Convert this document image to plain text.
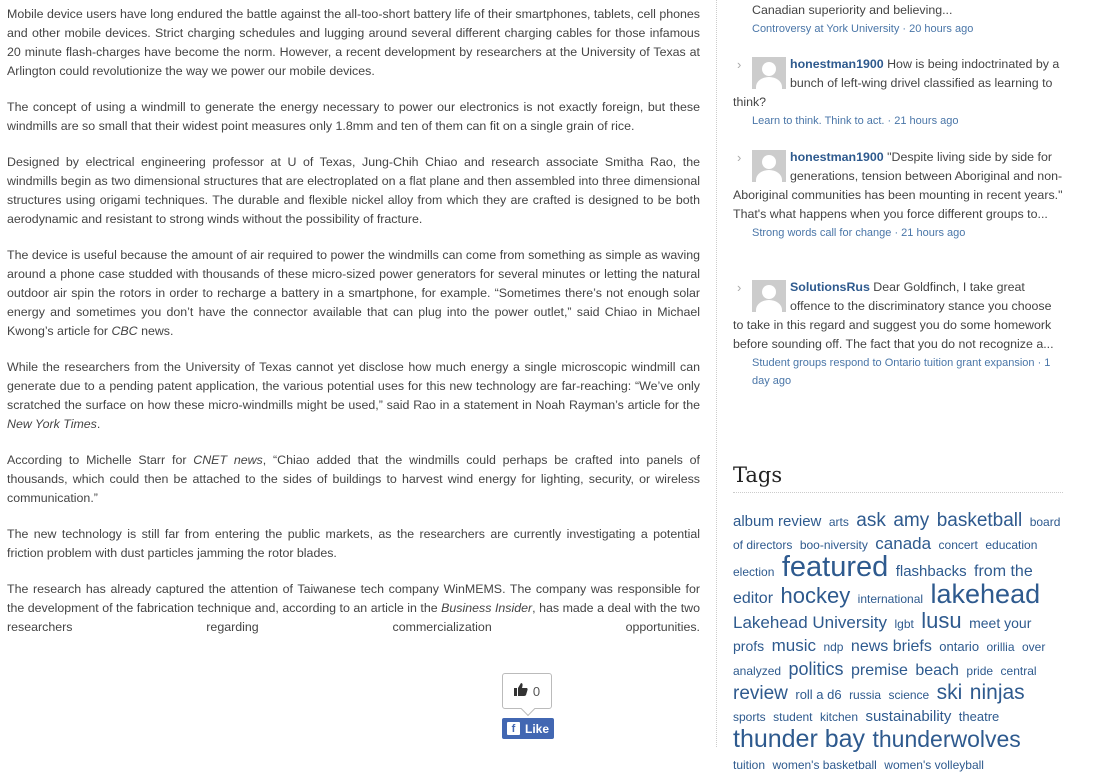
Mobile device users have long endured the battle against the all-too-short battery life of their smartphones, tablets, cell phones and other mobile devices. Strict charging schedules and lugging around several different charging cables for those infamous 20 minute flash-charges have become the norm. However, a recent development by researchers at the University of Texas at Arlington could revolutionize the way we power our mobile devices.

The concept of using a windmill to generate the energy necessary to power our electronics is not exactly foreign, but these windmills are so small that their widest point measures only 1.8mm and ten of them can fit on a single grain of rice.

Designed by electrical engineering professor at U of Texas, Jung-Chih Chiao and research associate Smitha Rao, the windmills begin as two dimensional structures that are electroplated on a flat plane and then assembled into three dimensional structures using origami techniques. The durable and flexible nickel alloy from which they are crafted is designed to be both aerodynamic and resistant to strong winds without the possibility of fracture.

The device is useful because the amount of air required to power the windmills can come from something as simple as waving around a phone case studded with thousands of these micro-sized power generators for several minutes or letting the natural outdoor air spin the rotors in order to recharge a battery in a smartphone, for example. “Sometimes there’s not enough solar energy and sometimes you don’t have the connector available that can plug into the power outlet,” said Chiao in Michael Kwong’s article for CBC news.

While the researchers from the University of Texas cannot yet disclose how much energy a single microscopic windmill can generate due to a pending patent application, the various potential uses for this new technology are far-reaching: “We’ve only scratched the surface on how these micro-windmills might be used,” said Rao in a statement in Noah Rayman’s article for the New York Times.

According to Michelle Starr for CNET news, “Chiao added that the windmills could perhaps be crafted into panels of thousands, which could then be attached to the sides of buildings to harvest wind energy for lighting, security, or wireless communication.”

The new technology is still far from entering the public markets, as the researchers are currently investigating a potential friction problem with dust particles jamming the rotor blades.

The research has already captured the attention of Taiwanese tech company WinMEMS. The company was responsible for the development of the fabrication technique and, according to an article in the Business Insider, has made a deal with the two researchers regarding commercialization opportunities.

0
f Like
Canadian superiority and believing...
Controversy at York University · 20 hours ago
›	honestman1900 How is being indoctrinated by a bunch of left-wing drivel classified as learning to think?
Learn to think. Think to act. · 21 hours ago
›	honestman1900 "Despite living side by side for generations, tension between Aboriginal and non-Aboriginal communities has been mounting in recent years." That's what happens when you force different groups to...
Strong words call for change · 21 hours ago
›	SolutionsRus Dear Goldfinch, I take great offence to the discriminatory stance you choose to take in this regard and suggest you do some homework before sounding off. The fact that you do not recognize a...
Student groups respond to Ontario tuition grant expansion · 1 day ago
Tags
album review arts ask amy basketball board of directors boo-niversity canada concert education election featured flashbacks from the editor hockey international lakehead Lakehead University lgbt lusu meet your profs music ndp news briefs ontario orillia over analyzed politics premise beach pride central review roll a d6 russia science ski ninjas sports student kitchen sustainability theatre thunder bay thunderwolves tuition women's basketball women's volleyball
